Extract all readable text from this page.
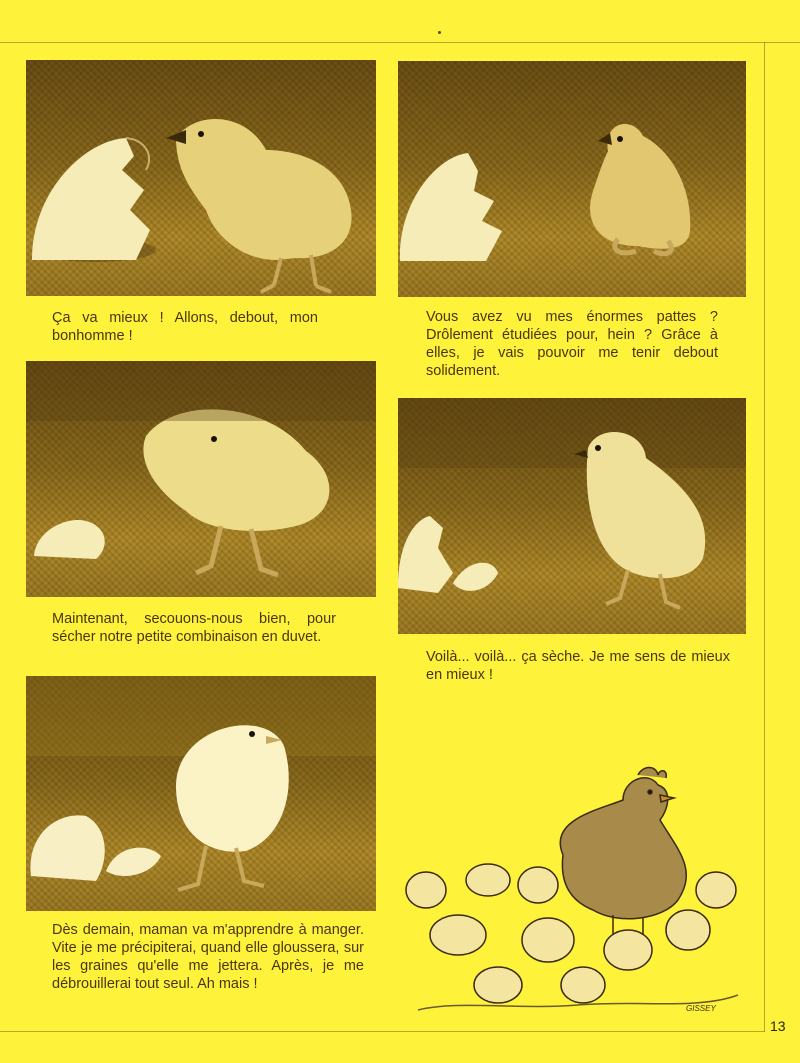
Ça va mieux ! Allons, debout, mon bonhomme !

Vous avez vu mes énormes pattes ? Drôlement étudiées pour, hein ? Grâce à elles, je vais pouvoir me tenir debout solidement.

Maintenant, secouons-nous bien, pour sécher notre petite combinaison en duvet.

Voilà... voilà... ça sèche. Je me sens de mieux en mieux !

Dès demain, maman va m'apprendre à manger. Vite je me précipiterai, quand elle gloussera, sur les graines qu'elle me jettera. Après, je me débrouillerai tout seul. Ah mais !

GISSEY
13
